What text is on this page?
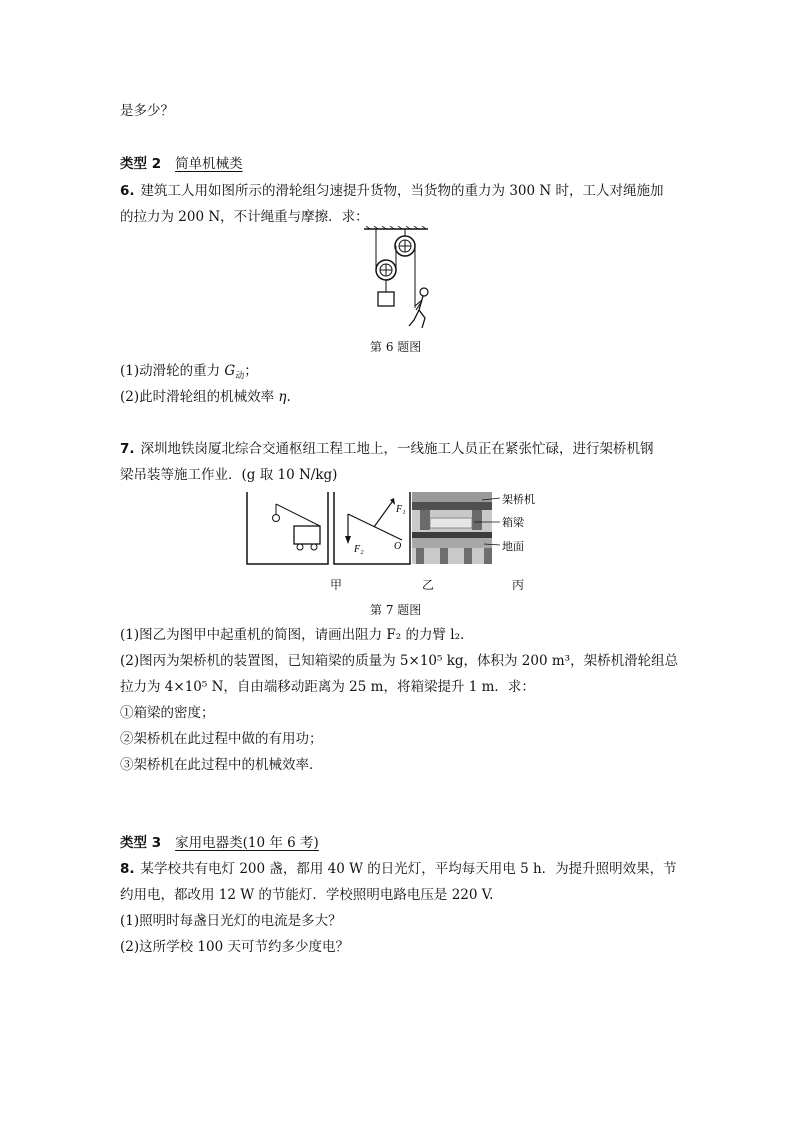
是多少？
类型 2 简单机械类
6. 建筑工人用如图所示的滑轮组匀速提升货物，当货物的重力为 300 N 时，工人对绳施加
的拉力为 200 N，不计绳重与摩擦．求：
第 6 题图
(1)动滑轮的重力 $G_动$；
(2)此时滑轮组的机械效率 η.
7. 深圳地铁岗厦北综合交通枢纽工程工地上，一线施工人员正在紧张忙碌，进行架桥机钢
梁吊装等施工作业．(g 取 10 N/kg)
F₁
F₂	O
架桥机
箱梁
地面
甲	乙	丙
第 7 题图
(1)图乙为图甲中起重机的简图，请画出阻力 F₂ 的力臂 l₂.
(2)图丙为架桥机的装置图，已知箱梁的质量为 5×10⁵ kg，体积为 200 m³，架桥机滑轮组总
拉力为 4×10⁵ N，自由端移动距离为 25 m，将箱梁提升 1 m．求：
①箱梁的密度；
②架桥机在此过程中做的有用功；
③架桥机在此过程中的机械效率．
类型 3 家用电器类(10 年 6 考)
8. 某学校共有电灯 200 盏，都用 40 W 的日光灯，平均每天用电 5 h．为提升照明效果，节
约用电，都改用 12 W 的节能灯．学校照明电路电压是 220 V.
(1)照明时每盏日光灯的电流是多大？
(2)这所学校 100 天可节约多少度电？
